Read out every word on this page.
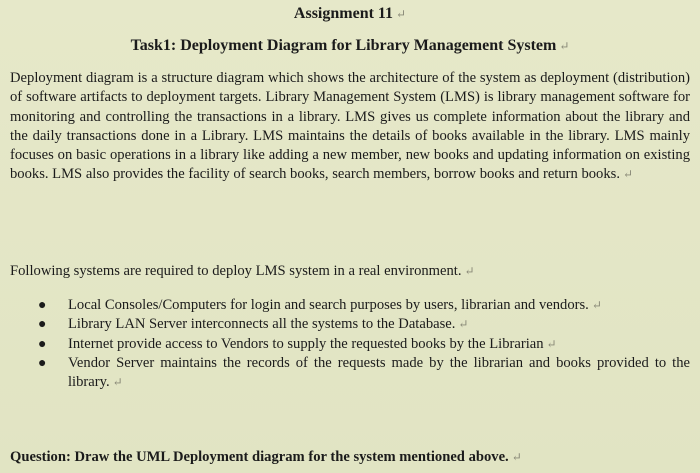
Assignment 11 ↵
Task1: Deployment Diagram for Library Management System ↵
Deployment diagram is a structure diagram which shows the architecture of the system as deployment (distribution) of software artifacts to deployment targets. Library Management System (LMS) is library management software for monitoring and controlling the transactions in a library. LMS gives us complete information about the library and the daily transactions done in a Library. LMS maintains the details of books available in the library. LMS mainly focuses on basic operations in a library like adding a new member, new books and updating information on existing books. LMS also provides the facility of search books, search members, borrow books and return books. ↵
Following systems are required to deploy LMS system in a real environment. ↵
● Local Consoles/Computers for login and search purposes by users, librarian and vendors. ↵
● Library LAN Server interconnects all the systems to the Database. ↵
● Internet provide access to Vendors to supply the requested books by the Librarian ↵
● Vendor Server maintains the records of the requests made by the librarian and books provided to the library. ↵
Question: Draw the UML Deployment diagram for the system mentioned above. ↵
